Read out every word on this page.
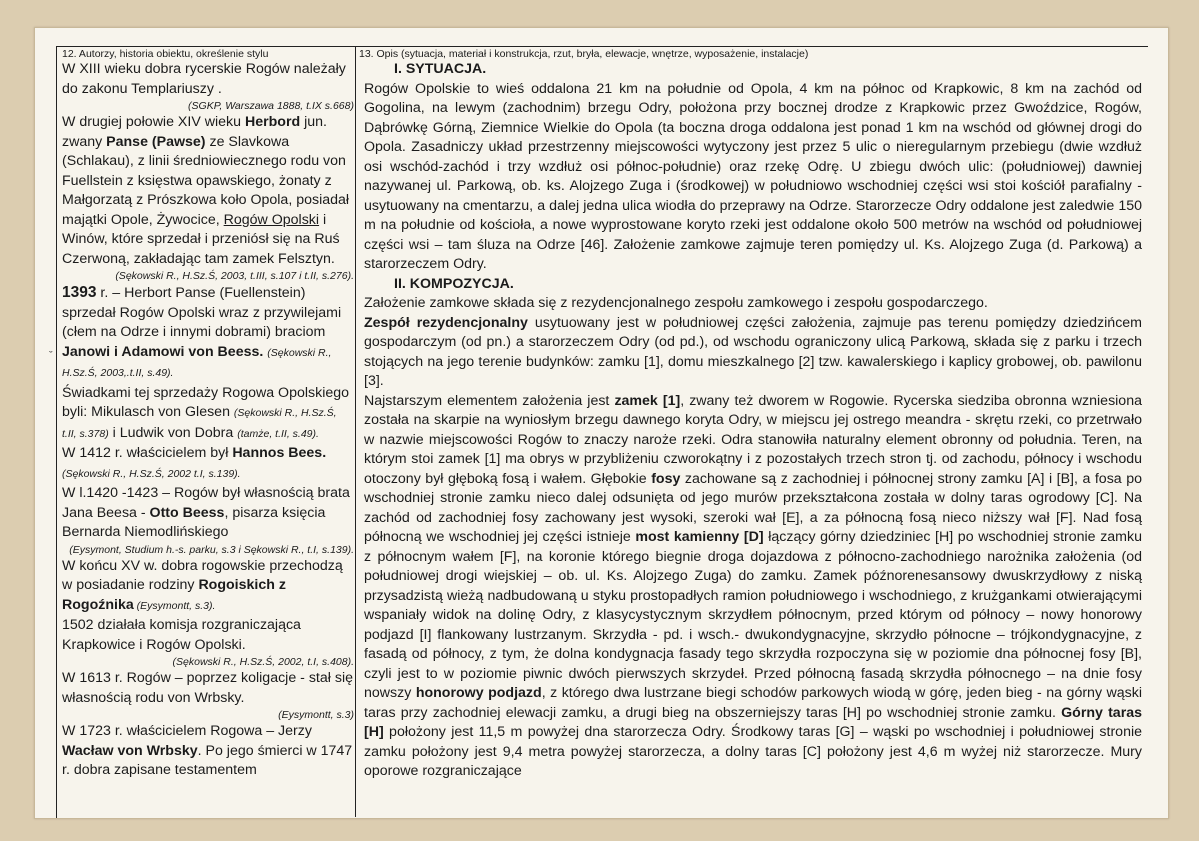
ˬ
12. Autorzy, historia obiektu, określenie stylu	13. Opis (sytuacja, materiał i konstrukcja, rzut, bryła, elewacje, wnętrze, wyposażenie, instalacje)

W XIII wieku dobra rycerskie Rogów należały do zakonu Templariuszy .

(SGKP, Warszawa 1888, t.IX s.668)

W drugiej połowie XIV wieku Herbord jun. zwany Panse (Pawse) ze Slavkowa (Schlakau), z linii średniowiecznego rodu von Fuellstein z księstwa opawskiego, żonaty z Małgorzatą z Prószkowa koło Opola, posiadał majątki Opole, Żywocice, Rogów Opolski i Winów, które sprzedał i przeniósł się na Ruś Czerwoną, zakładając tam zamek Felsztyn.

(Sękowski R., H.Sz.Ś, 2003, t.III, s.107 i t.II, s.276).

1393 r. – Herbort Panse (Fuellenstein) sprzedał Rogów Opolski wraz z przywilejami (cłem na Odrze i innymi dobrami) braciom Janowi i Adamowi von Beess. (Sękowski R., H.Sz.Ś, 2003,.t.II, s.49).

Świadkami tej sprzedaży Rogowa Opolskiego byli: Mikulasch von Glesen (Sękowski R., H.Sz.Ś, t.II, s.378) i Ludwik von Dobra (tamże, t.II, s.49).

W 1412 r. właścicielem był Hannos Bees. (Sękowski R., H.Sz.Ś, 2002 t.I, s.139).

W l.1420 -1423 – Rogów był własnością brata Jana Beesa - Otto Beess, pisarza księcia Bernarda Niemodlińskiego

(Eysymont, Studium h.-s. parku, s.3 i Sękowski R., t.I, s.139).

W końcu XV w. dobra rogowskie przechodzą w posiadanie rodziny Rogoiskich z Rogoźnika (Eysymontt, s.3).

1502 działała komisja rozgraniczająca Krapkowice i Rogów Opolski.

(Sękowski R., H.Sz.Ś, 2002, t.I, s.408).

W 1613 r. Rogów – poprzez koligacje - stał się własnością rodu von Wrbsky.

(Eysymontt, s.3)

W 1723 r. właścicielem Rogowa – Jerzy Wacław von Wrbsky. Po jego śmierci w 1747 r. dobra zapisane testamentem

I. SYTUACJA.

Rogów Opolskie to wieś oddalona 21 km na południe od Opola, 4 km na północ od Krapkowic, 8 km na zachód od Gogolina, na lewym (zachodnim) brzegu Odry, położona przy bocznej drodze z Krapkowic przez Gwoździce, Rogów, Dąbrówkę Górną, Ziemnice Wielkie do Opola (ta boczna droga oddalona jest ponad 1 km na wschód od głównej drogi do Opola. Zasadniczy układ przestrzenny miejscowości wytyczony jest przez 5 ulic o nieregularnym przebiegu (dwie wzdłuż osi wschód-zachód i trzy wzdłuż osi północ-południe) oraz rzekę Odrę. U zbiegu dwóch ulic: (południowej) dawniej nazywanej ul. Parkową, ob. ks. Alojzego Zuga i (środkowej) w południowo wschodniej części wsi stoi kościół parafialny - usytuowany na cmentarzu, a dalej jedna ulica wiodła do przeprawy na Odrze. Starorzecze Odry oddalone jest zaledwie 150 m na południe od kościoła, a nowe wyprostowane koryto rzeki jest oddalone około 500 metrów na wschód od południowej części wsi – tam śluza na Odrze [46]. Założenie zamkowe zajmuje teren pomiędzy ul. Ks. Alojzego Zuga (d. Parkową) a starorzeczem Odry.

II. KOMPOZYCJA.

Założenie zamkowe składa się z rezydencjonalnego zespołu zamkowego i zespołu gospodarczego.

Zespół rezydencjonalny usytuowany jest w południowej części założenia, zajmuje pas terenu pomiędzy dziedzińcem gospodarczym (od pn.) a starorzeczem Odry (od pd.), od wschodu ograniczony ulicą Parkową, składa się z parku i trzech stojących na jego terenie budynków: zamku [1], domu mieszkalnego [2] tzw. kawalerskiego i kaplicy grobowej, ob. pawilonu [3].

Najstarszym elementem założenia jest zamek [1], zwany też dworem w Rogowie. Rycerska siedziba obronna wzniesiona została na skarpie na wyniosłym brzegu dawnego koryta Odry, w miejscu jej ostrego meandra - skrętu rzeki, co przetrwało w nazwie miejscowości Rogów to znaczy naroże rzeki. Odra stanowiła naturalny element obronny od południa. Teren, na którym stoi zamek [1] ma obrys w przybliżeniu czworokątny i z pozostałych trzech stron tj. od zachodu, północy i wschodu otoczony był głęboką fosą i wałem. Głębokie fosy zachowane są z zachodniej i północnej strony zamku [A] i [B], a fosa po wschodniej stronie zamku nieco dalej odsunięta od jego murów przekształcona została w dolny taras ogrodowy [C]. Na zachód od zachodniej fosy zachowany jest wysoki, szeroki wał [E], a za północną fosą nieco niższy wał [F]. Nad fosą północną we wschodniej jej części istnieje most kamienny [D] łączący górny dziedziniec [H] po wschodniej stronie zamku z północnym wałem [F], na koronie którego biegnie droga dojazdowa z północno-zachodniego narożnika założenia (od południowej drogi wiejskiej – ob. ul. Ks. Alojzego Zuga) do zamku. Zamek późnorenesansowy dwuskrzydłowy z niską przysadzistą wieżą nadbudowaną u styku prostopadłych ramion południowego i wschodniego, z krużgankami otwierającymi wspaniały widok na dolinę Odry, z klasycystycznym skrzydłem północnym, przed którym od północy – nowy honorowy podjazd [I] flankowany lustrzanym. Skrzydła - pd. i wsch.- dwukondygnacyjne, skrzydło północne – trójkondygnacyjne, z fasadą od północy, z tym, że dolna kondygnacja fasady tego skrzydła rozpoczyna się w poziomie dna północnej fosy [B], czyli jest to w poziomie piwnic dwóch pierwszych skrzydeł. Przed północną fasadą skrzydła północnego – na dnie fosy nowszy honorowy podjazd, z którego dwa lustrzane biegi schodów parkowych wiodą w górę, jeden bieg - na górny wąski taras przy zachodniej elewacji zamku, a drugi bieg na obszerniejszy taras [H] po wschodniej stronie zamku. Górny taras [H] położony jest 11,5 m powyżej dna starorzecza Odry. Środkowy taras [G] – wąski po wschodniej i południowej stronie zamku położony jest 9,4 metra powyżej starorzecza, a dolny taras [C] położony jest 4,6 m wyżej niż starorzecze. Mury oporowe rozgraniczające
